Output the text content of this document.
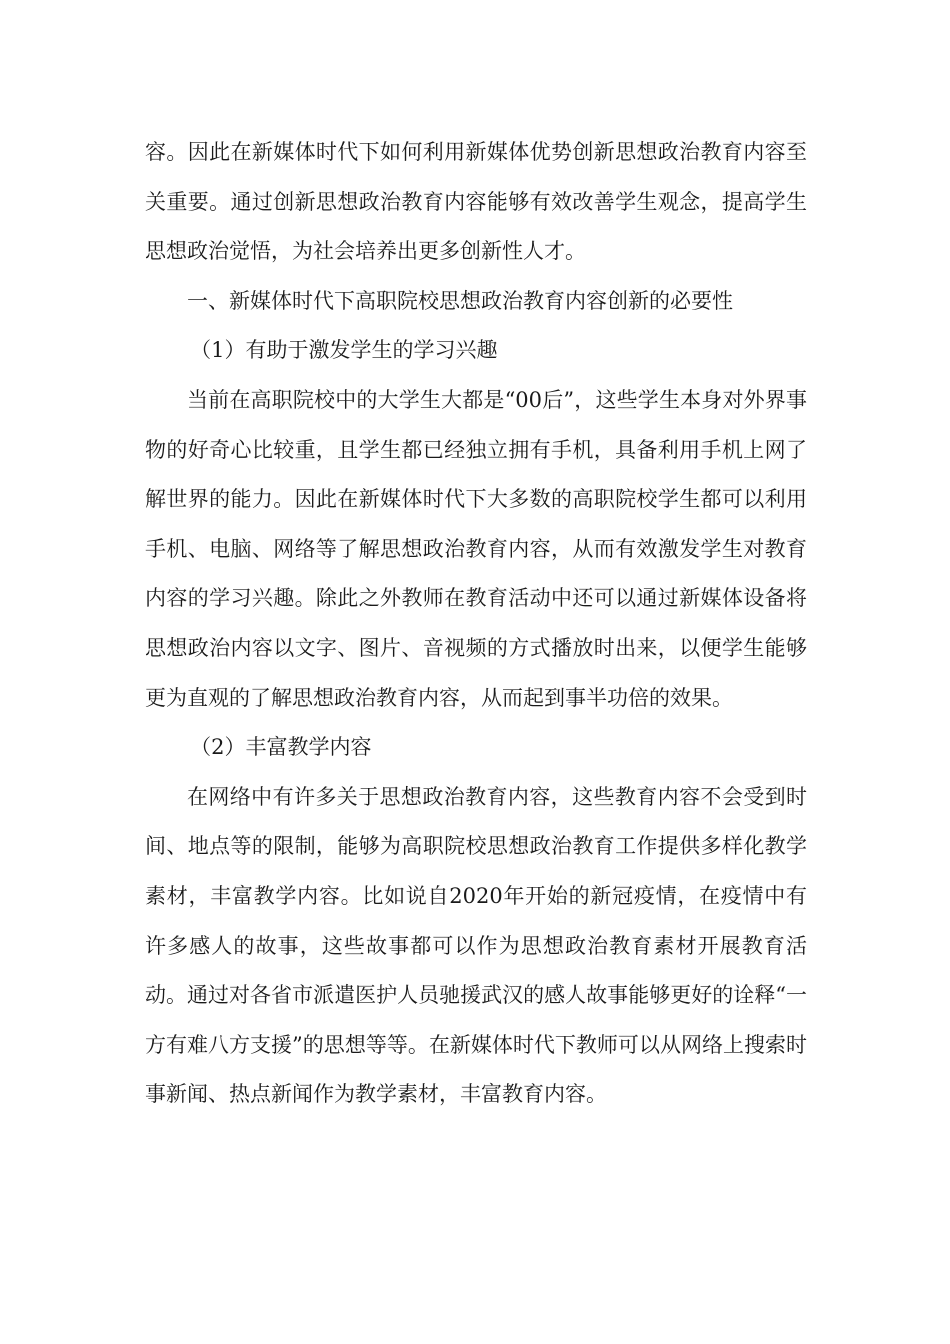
容。因此在新媒体时代下如何利用新媒体优势创新思想政治教育内容至关重要。通过创新思想政治教育内容能够有效改善学生观念，提高学生思想政治觉悟，为社会培养出更多创新性人才。

一、新媒体时代下高职院校思想政治教育内容创新的必要性

（1）有助于激发学生的学习兴趣

当前在高职院校中的大学生大都是“00后”，这些学生本身对外界事物的好奇心比较重，且学生都已经独立拥有手机，具备利用手机上网了解世界的能力。因此在新媒体时代下大多数的高职院校学生都可以利用手机、电脑、网络等了解思想政治教育内容，从而有效激发学生对教育内容的学习兴趣。除此之外教师在教育活动中还可以通过新媒体设备将思想政治内容以文字、图片、音视频的方式播放时出来，以便学生能够更为直观的了解思想政治教育内容，从而起到事半功倍的效果。

（2）丰富教学内容

在网络中有许多关于思想政治教育内容，这些教育内容不会受到时间、地点等的限制，能够为高职院校思想政治教育工作提供多样化教学素材，丰富教学内容。比如说自2020年开始的新冠疫情，在疫情中有许多感人的故事，这些故事都可以作为思想政治教育素材开展教育活动。通过对各省市派遣医护人员驰援武汉的感人故事能够更好的诠释“一方有难八方支援”的思想等等。在新媒体时代下教师可以从网络上搜索时事新闻、热点新闻作为教学素材，丰富教育内容。
